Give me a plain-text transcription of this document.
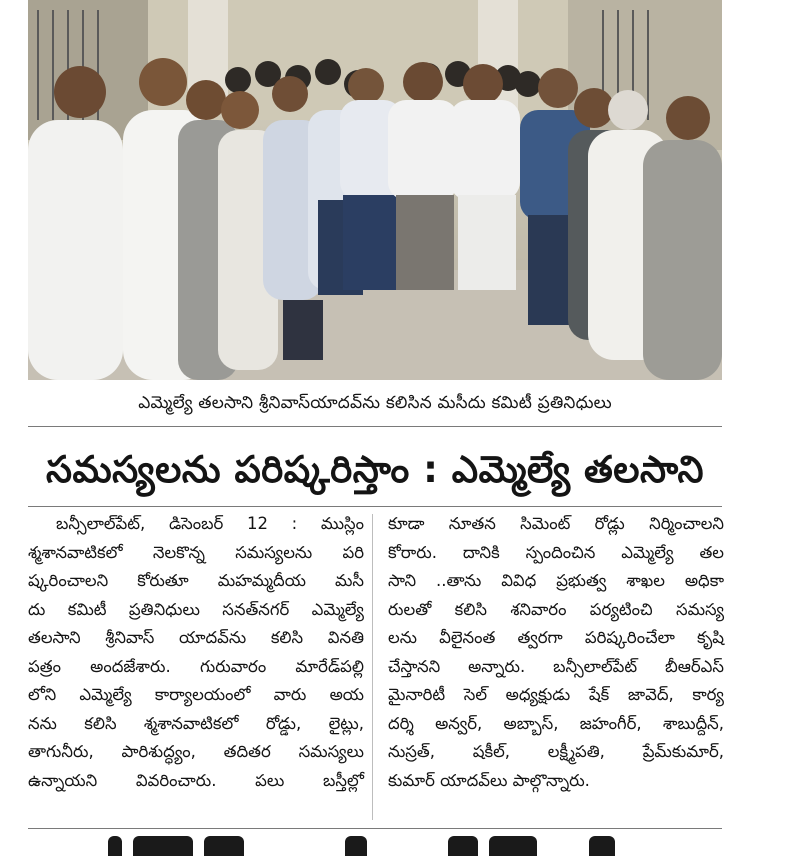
ఎమ్మెల్యే తలసాని శ్రీనివాస్‌యాదవ్‌ను కలిసిన మసీదు కమిటీ ప్రతినిధులు
సమస్యలను పరిష్కరిస్తాం : ఎమ్మెల్యే తలసాని
బన్సీలాల్‌పేట్, డిసెంబర్ 12 : ముస్లిం
శ్మశానవాటికలో నెలకొన్న సమస్యలను పరి
ష్కరించాలని కోరుతూ మహమ్మదీయ మసీ
దు కమిటీ ప్రతినిధులు సనత్‌నగర్ ఎమ్మెల్యే
తలసాని శ్రీనివాస్ యాదవ్‌ను కలిసి వినతి
పత్రం అందజేశారు. గురువారం మారేడ్‌పల్లి
లోని ఎమ్మెల్యే కార్యాలయంలో వారు అయ
నను కలిసి శ్మశానవాటికలో రోడ్డు, లైట్లు,
తాగునీరు, పారిశుద్ధ్యం, తదితర సమస్యలు
ఉన్నాయని వివరించారు. పలు బస్తీల్లో
కూడా నూతన సిమెంట్ రోడ్లు నిర్మించాలని
కోరారు. దానికి స్పందించిన ఎమ్మెల్యే తల
సాని ..తాను వివిధ ప్రభుత్వ శాఖల అధికా
రులతో కలిసి శనివారం పర్యటించి సమస్య
లను వీలైనంత త్వరగా పరిష్కరించేలా కృషి
చేస్తానని అన్నారు. బన్సీలాల్‌పేట్ బీఆర్‌ఎస్
మైనారిటీ సెల్ అధ్యక్షుడు షేక్ జావెద్, కార్య
దర్శి అన్వర్, అబ్బాస్, జహంగీర్, శాబుద్దీన్,
నుస్రత్, షకీల్, లక్ష్మీపతి, ప్రేమ్‌కుమార్,
కుమార్ యాదవ్‌లు పాల్గొన్నారు.
